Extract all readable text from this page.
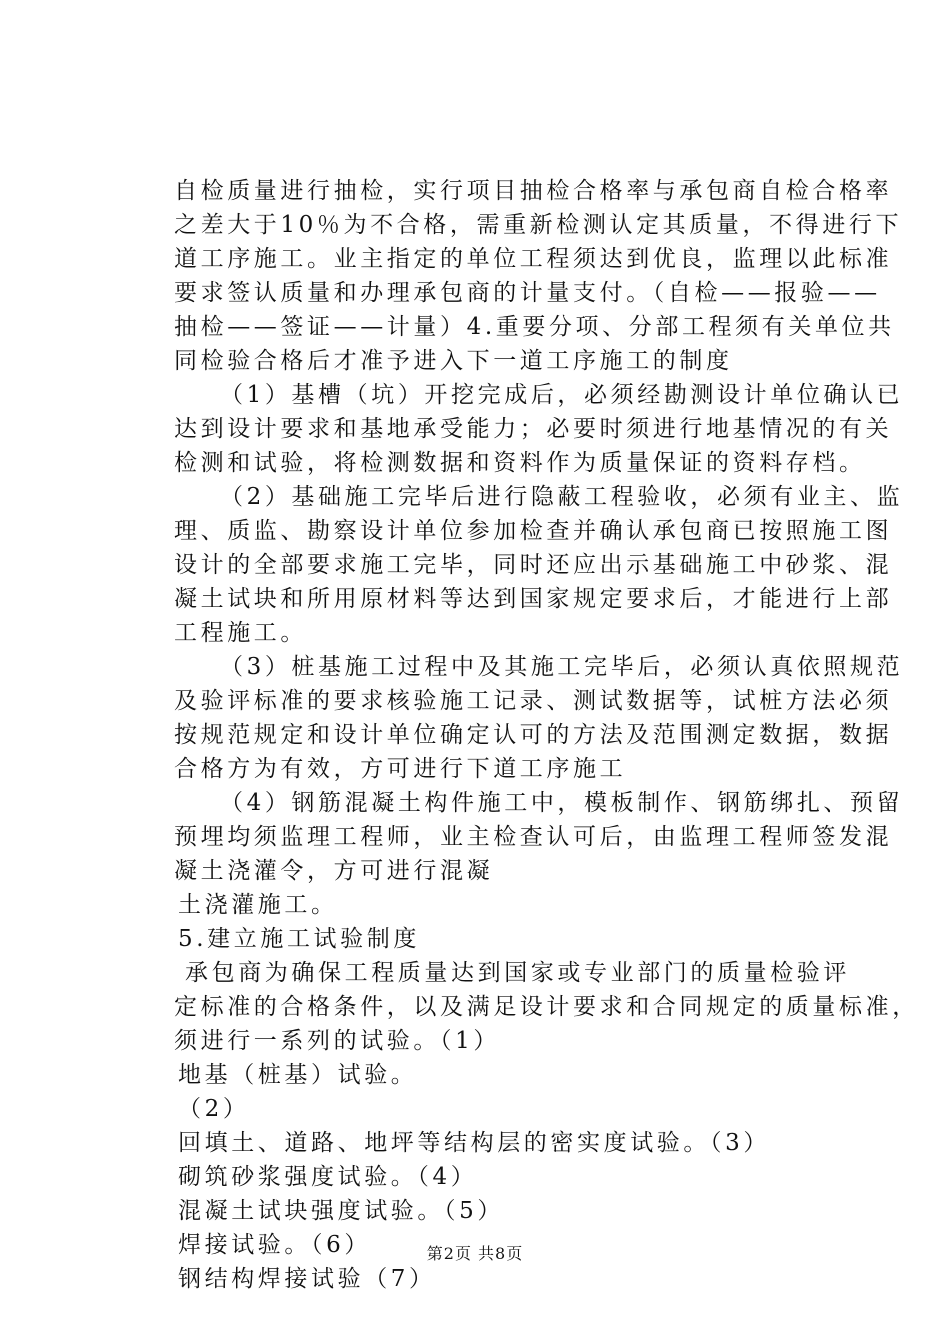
自检质量进行抽检，实行项目抽检合格率与承包商自检合格率
之差大于10％为不合格，需重新检测认定其质量，不得进行下
道工序施工。业主指定的单位工程须达到优良，监理以此标准
要求签认质量和办理承包商的计量支付。（自检——报验——
抽检——签证——计量）4.重要分项、分部工程须有关单位共
同检验合格后才准予进入下一道工序施工的制度
（1）基槽（坑）开挖完成后，必须经勘测设计单位确认已
达到设计要求和基地承受能力；必要时须进行地基情况的有关
检测和试验，将检测数据和资料作为质量保证的资料存档。
（2）基础施工完毕后进行隐蔽工程验收，必须有业主、监
理、质监、勘察设计单位参加检查并确认承包商已按照施工图
设计的全部要求施工完毕，同时还应出示基础施工中砂浆、混
凝土试块和所用原材料等达到国家规定要求后，才能进行上部
工程施工。
（3）桩基施工过程中及其施工完毕后，必须认真依照规范
及验评标准的要求核验施工记录、测试数据等，试桩方法必须
按规范规定和设计单位确定认可的方法及范围测定数据，数据
合格方为有效，方可进行下道工序施工
（4）钢筋混凝土构件施工中，模板制作、钢筋绑扎、预留
预埋均须监理工程师，业主检查认可后，由监理工程师签发混
凝土浇灌令，方可进行混凝
土浇灌施工。
5.建立施工试验制度
承包商为确保工程质量达到国家或专业部门的质量检验评
定标准的合格条件，以及满足设计要求和合同规定的质量标准，
须进行一系列的试验。（1）
地基（桩基）试验。
（2）
回填土、道路、地坪等结构层的密实度试验。（3）
砌筑砂浆强度试验。（4）
混凝土试块强度试验。（5）
焊接试验。（6）
钢结构焊接试验（7）
第2页 共8页
